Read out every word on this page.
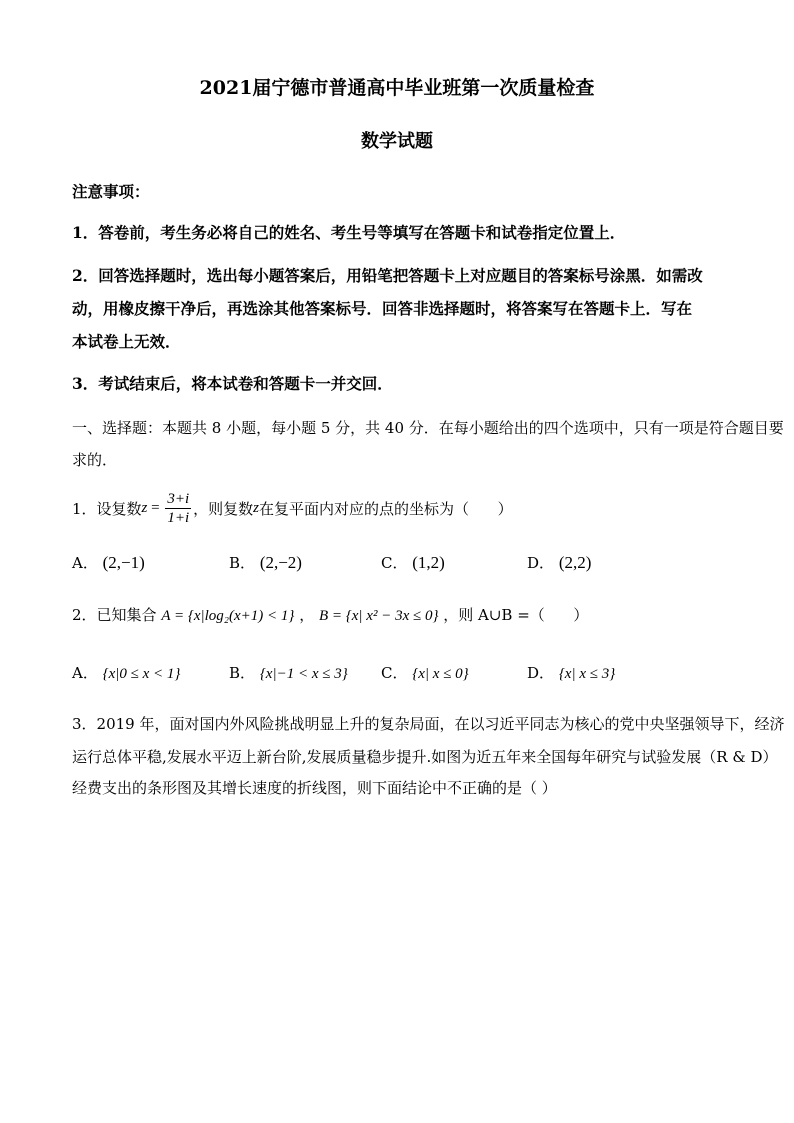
2021届宁德市普通高中毕业班第一次质量检查
数学试题
注意事项：
1．答卷前，考生务必将自己的姓名、考生号等填写在答题卡和试卷指定位置上．
2．回答选择题时，选出每小题答案后，用铅笔把答题卡上对应题目的答案标号涂黑．如需改
动，用橡皮擦干净后，再选涂其他答案标号．回答非选择题时，将答案写在答题卡上．写在
本试卷上无效．
3．考试结束后，将本试卷和答题卡一并交回．
一、选择题：本题共 8 小题，每小题 5 分，共 40 分．在每小题给出的四个选项中，只有一项是符合题目要
求的．
1．设复数 $z = \frac{3+i}{1+i}$ ，则复数 z 在复平面内对应的点的坐标为（      ）
A． (2,−1)	B． (2,−2)	C． (1,2)	D． (2,2)
2．已知集合 A = {x|log₂(x+1) < 1} ， B = {x| x² − 3x ≤ 0} ，则 A∪B =（      ）
A． {x|0 ≤ x < 1}	B． {x|−1 < x ≤ 3} C． {x| x ≤ 0}	D． {x| x ≤ 3}
3．2019 年，面对国内外风险挑战明显上升的复杂局面，在以习近平同志为核心的党中央坚强领导下，经济
运行总体平稳,发展水平迈上新台阶,发展质量稳步提升.如图为近五年来全国每年研究与试验发展（R & D）
经费支出的条形图及其增长速度的折线图，则下面结论中不正确的是（ ）
